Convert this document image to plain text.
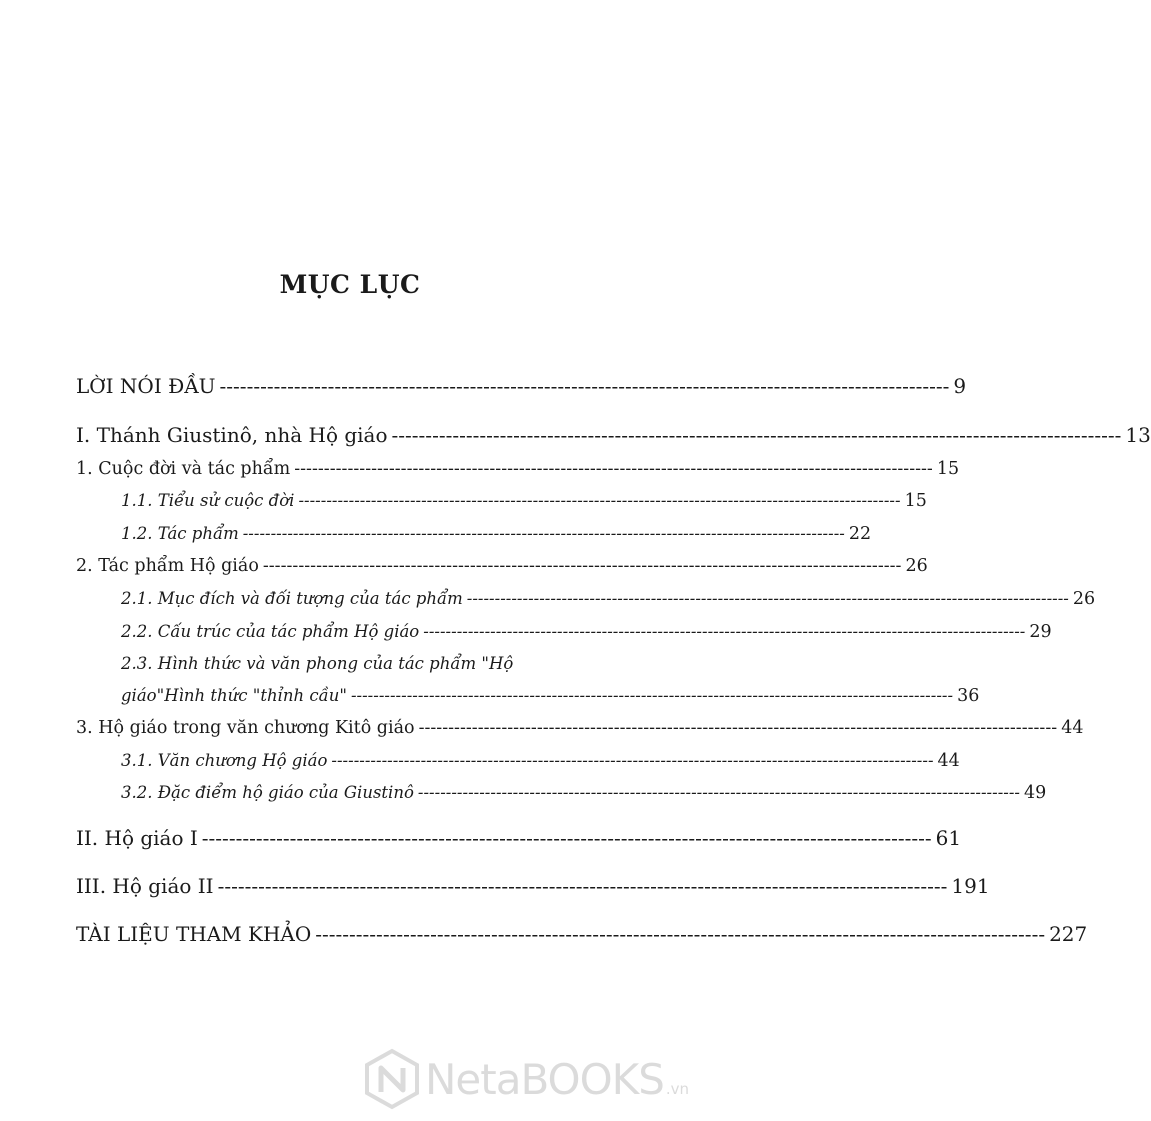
MỤC LỤC
LỜI NÓI ĐẦU ------------------------------------------------------------------------------------------------------------ 9
I. Thánh Giustinô, nhà Hộ giáo ------------------------------------------------------------------------------------------------------------ 13
1. Cuộc đời và tác phẩm ------------------------------------------------------------------------------------------------------------ 15
1.1. Tiểu sử cuộc đời ------------------------------------------------------------------------------------------------------------ 15
1.2. Tác phẩm ------------------------------------------------------------------------------------------------------------ 22
2. Tác phẩm Hộ giáo ------------------------------------------------------------------------------------------------------------ 26
2.1. Mục đích và đối tượng của tác phẩm ------------------------------------------------------------------------------------------------------------ 26
2.2. Cấu trúc của tác phẩm Hộ giáo ------------------------------------------------------------------------------------------------------------ 29
2.3. Hình thức và văn phong của tác phẩm "Hộ
giáo"Hình thức "thỉnh cầu" ------------------------------------------------------------------------------------------------------------ 36
3. Hộ giáo trong văn chương Kitô giáo ------------------------------------------------------------------------------------------------------------ 44
3.1. Văn chương Hộ giáo ------------------------------------------------------------------------------------------------------------ 44
3.2. Đặc điểm hộ giáo của Giustinô ------------------------------------------------------------------------------------------------------------ 49
II. Hộ giáo I ------------------------------------------------------------------------------------------------------------ 61
III. Hộ giáo II ------------------------------------------------------------------------------------------------------------ 191
TÀI LIỆU THAM KHẢO ------------------------------------------------------------------------------------------------------------ 227
NetaBOOKS .vn
